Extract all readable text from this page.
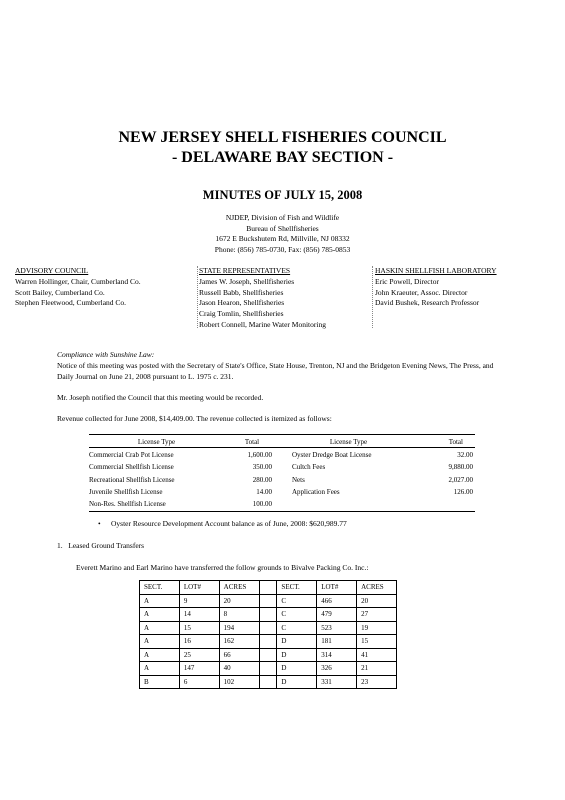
NEW JERSEY SHELL FISHERIES COUNCIL
- DELAWARE BAY SECTION -
MINUTES OF JULY 15, 2008
NJDEP, Division of Fish and Wildlife
Bureau of Shellfisheries
1672 E Buckshutem Rd, Millville, NJ 08332
Phone: (856) 785-0730, Fax: (856) 785-0853
ADVISORY COUNCIL
Warren Hollinger, Chair, Cumberland Co.
Scott Bailey, Cumberland Co.
Stephen Fleetwood, Cumberland Co.
STATE REPRESENTATIVES
James W. Joseph, Shellfisheries
Russell Babb, Shellfisheries
Jason Hearon, Shellfisheries
Craig Tomlin, Shellfisheries
Robert Connell, Marine Water Monitoring
HASKIN SHELLFISH LABORATORY
Eric Powell, Director
John Kraeuter, Assoc. Director
David Bushek, Research Professor
Compliance with Sunshine Law:
Notice of this meeting was posted with the Secretary of State's Office, State House, Trenton, NJ and the Bridgeton Evening News, The Press, and Daily Journal on June 21, 2008 pursuant to L. 1975 c. 231.
Mr. Joseph notified the Council that this meeting would be recorded.
Revenue collected for June 2008, $14,409.00. The revenue collected is itemized as follows:
License Type	Total	License Type	Total
Commercial Crab Pot License	1,600.00	Oyster Dredge Boat License	32.00
Commercial Shellfish License	350.00	Cultch Fees	9,880.00
Recreational Shellfish License	280.00	Nets	2,027.00
Juvenile Shellfish License	14.00	Application Fees	126.00
Non-Res. Shellfish License	100.00		
• Oyster Resource Development Account balance as of June, 2008: $620,989.77
1.   Leased Ground Transfers
Everett Marino and Earl Marino have transferred the follow grounds to Bivalve Packing Co. Inc.:
SECT.	LOT#	ACRES		SECT.	LOT#	ACRES
A	9	20		C	466	20
A	14	8		C	479	27
A	15	194		C	523	19
A	16	162		D	181	15
A	25	66		D	314	41
A	147	40		D	326	21
B	6	102		D	331	23
